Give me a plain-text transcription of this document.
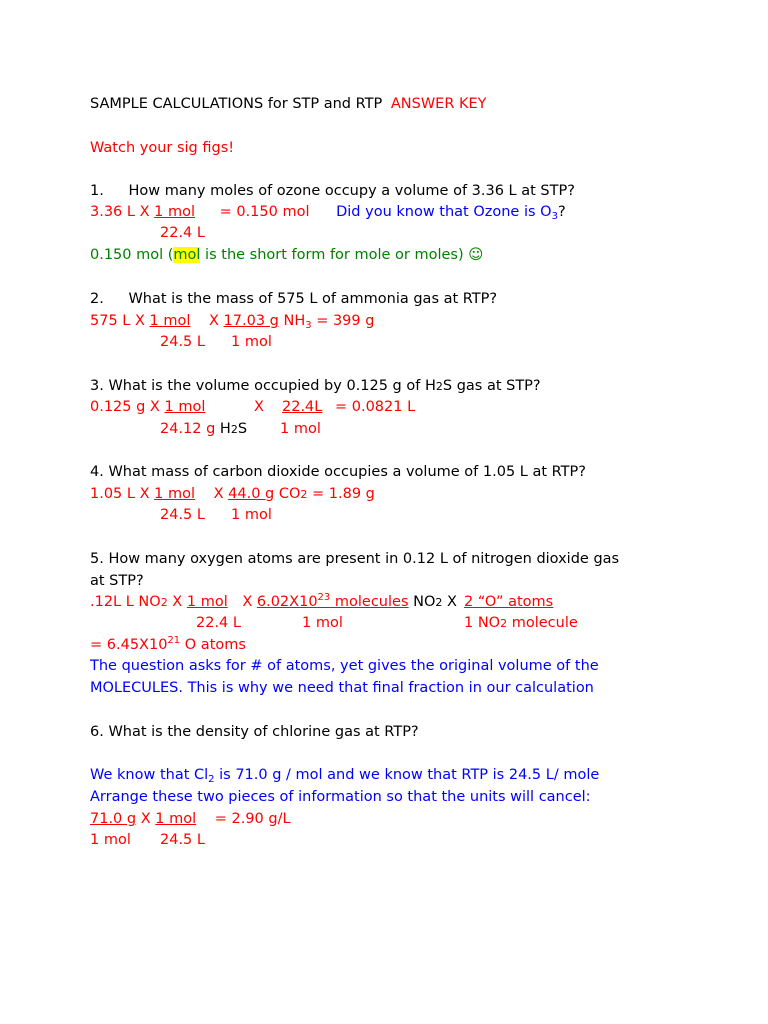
SAMPLE CALCULATIONS for STP and RTP ANSWER KEY
Watch your sig figs!
1. How many moles of ozone occupy a volume of 3.36 L at STP?
3.36 L X 1 mol = 0.150 mol Did you know that Ozone is $O_3$?
22.4 L
0.150 mol (mol is the short form for mole or moles) ☺
2. What is the mass of 575 L of ammonia gas at RTP?
575 L X 1 mol X 17.03 g $NH_3 = 399$ g
24.5 L 1 mol
3. What is the volume occupied by 0.125 g of H2S gas at STP?
0.125 g X 1 mol	X 22.4L = 0.0821 L
24.12 g H2S 1 mol
4. What mass of carbon dioxide occupies a volume of 1.05 L at RTP?
1.05 L X 1 mol X 44.0 g CO2 = 1.89 g
24.5 L 1 mol
5. How many oxygen atoms are present in 0.12 L of nitrogen dioxide gas
at STP?
.12L L NO2 X 1 mol X $6.02X10^{23}$ molecules NO2 X 2 “O” atoms
22.4 L	1 mol	1 NO2 molecule
= $6.45X10^{21}$ O atoms
The question asks for # of atoms, yet gives the original volume of the
MOLECULES. This is why we need that final fraction in our calculation
6. What is the density of chlorine gas at RTP?
We know that $Cl_2$ is 71.0 g / mol and we know that RTP is 24.5 L/ mole
Arrange these two pieces of information so that the units will cancel:
71.0 g X 1 mol = 2.90 g/L
1 mol 24.5 L
